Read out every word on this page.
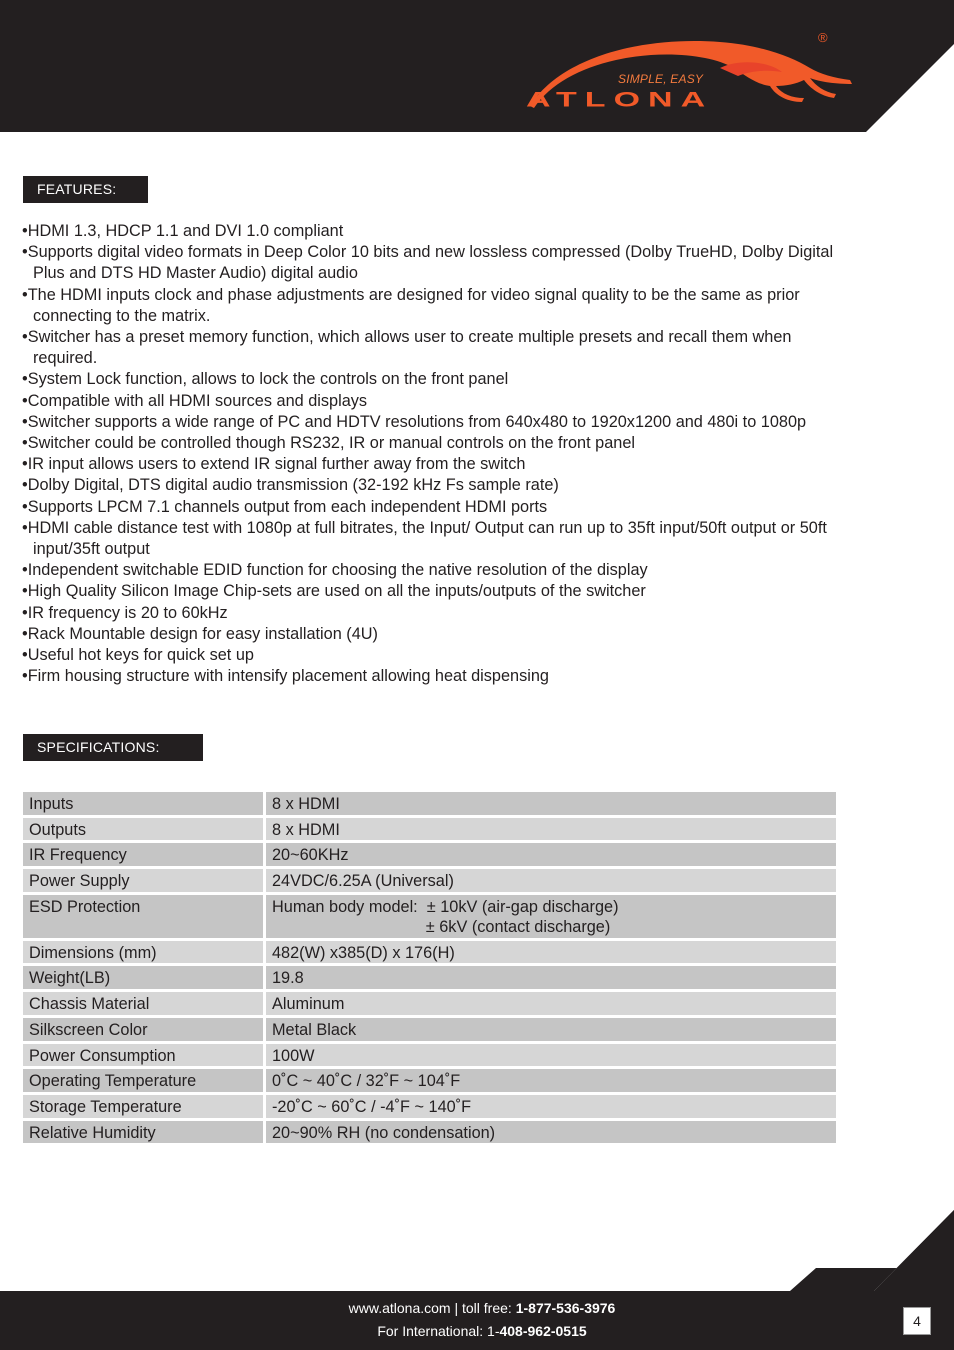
®
SIMPLE, EASY
ATLONA
FEATURES:
• HDMI 1.3, HDCP 1.1 and DVI 1.0 compliant
• Supports digital video formats in Deep Color 10 bits and new lossless compressed (Dolby TrueHD, Dolby Digital Plus and DTS HD Master Audio) digital audio
• The HDMI inputs clock and phase adjustments are designed for video signal quality to be the same as prior connecting to the matrix.
• Switcher has a preset memory function, which allows user to create multiple presets and recall them when required.
• System Lock function, allows to lock the controls on the front panel
• Compatible with all HDMI sources and displays
• Switcher supports a wide range of PC and HDTV resolutions from 640x480 to 1920x1200 and 480i to 1080p
• Switcher could be controlled though RS232, IR or manual controls on the front panel
• IR input allows users to extend IR signal further away from the switch
• Dolby Digital, DTS digital audio transmission (32-192 kHz Fs sample rate)
• Supports LPCM 7.1 channels output from each independent HDMI ports
• HDMI cable distance test with 1080p at full bitrates, the Input/ Output can run up to 35ft input/50ft output or 50ft input/35ft output
• Independent switchable EDID function for choosing the native resolution of the display
• High Quality Silicon Image Chip-sets are used on all the inputs/outputs of the switcher
• IR frequency is 20 to 60kHz
• Rack Mountable design for easy installation (4U)
• Useful hot keys for quick set up
• Firm housing structure with intensify placement allowing heat dispensing
SPECIFICATIONS:
Inputs	8 x HDMI
Outputs	8 x HDMI
IR Frequency	20~60KHz
Power Supply	24VDC/6.25A (Universal)
ESD Protection	Human body model:  ± 10kV (air-gap discharge)
± 6kV (contact discharge)
Dimensions (mm)	482(W) x385(D) x 176(H)
Weight(LB)	19.8
Chassis Material	Aluminum
Silkscreen Color	Metal Black
Power Consumption	100W
Operating Temperature	0˚C ~ 40˚C / 32˚F ~ 104˚F
Storage Temperature	-20˚C ~ 60˚C / -4˚F ~ 140˚F
Relative Humidity	20~90% RH (no condensation)
www.atlona.com | toll free: 1-877-536-3976
For International: 1-408-962-0515
4
